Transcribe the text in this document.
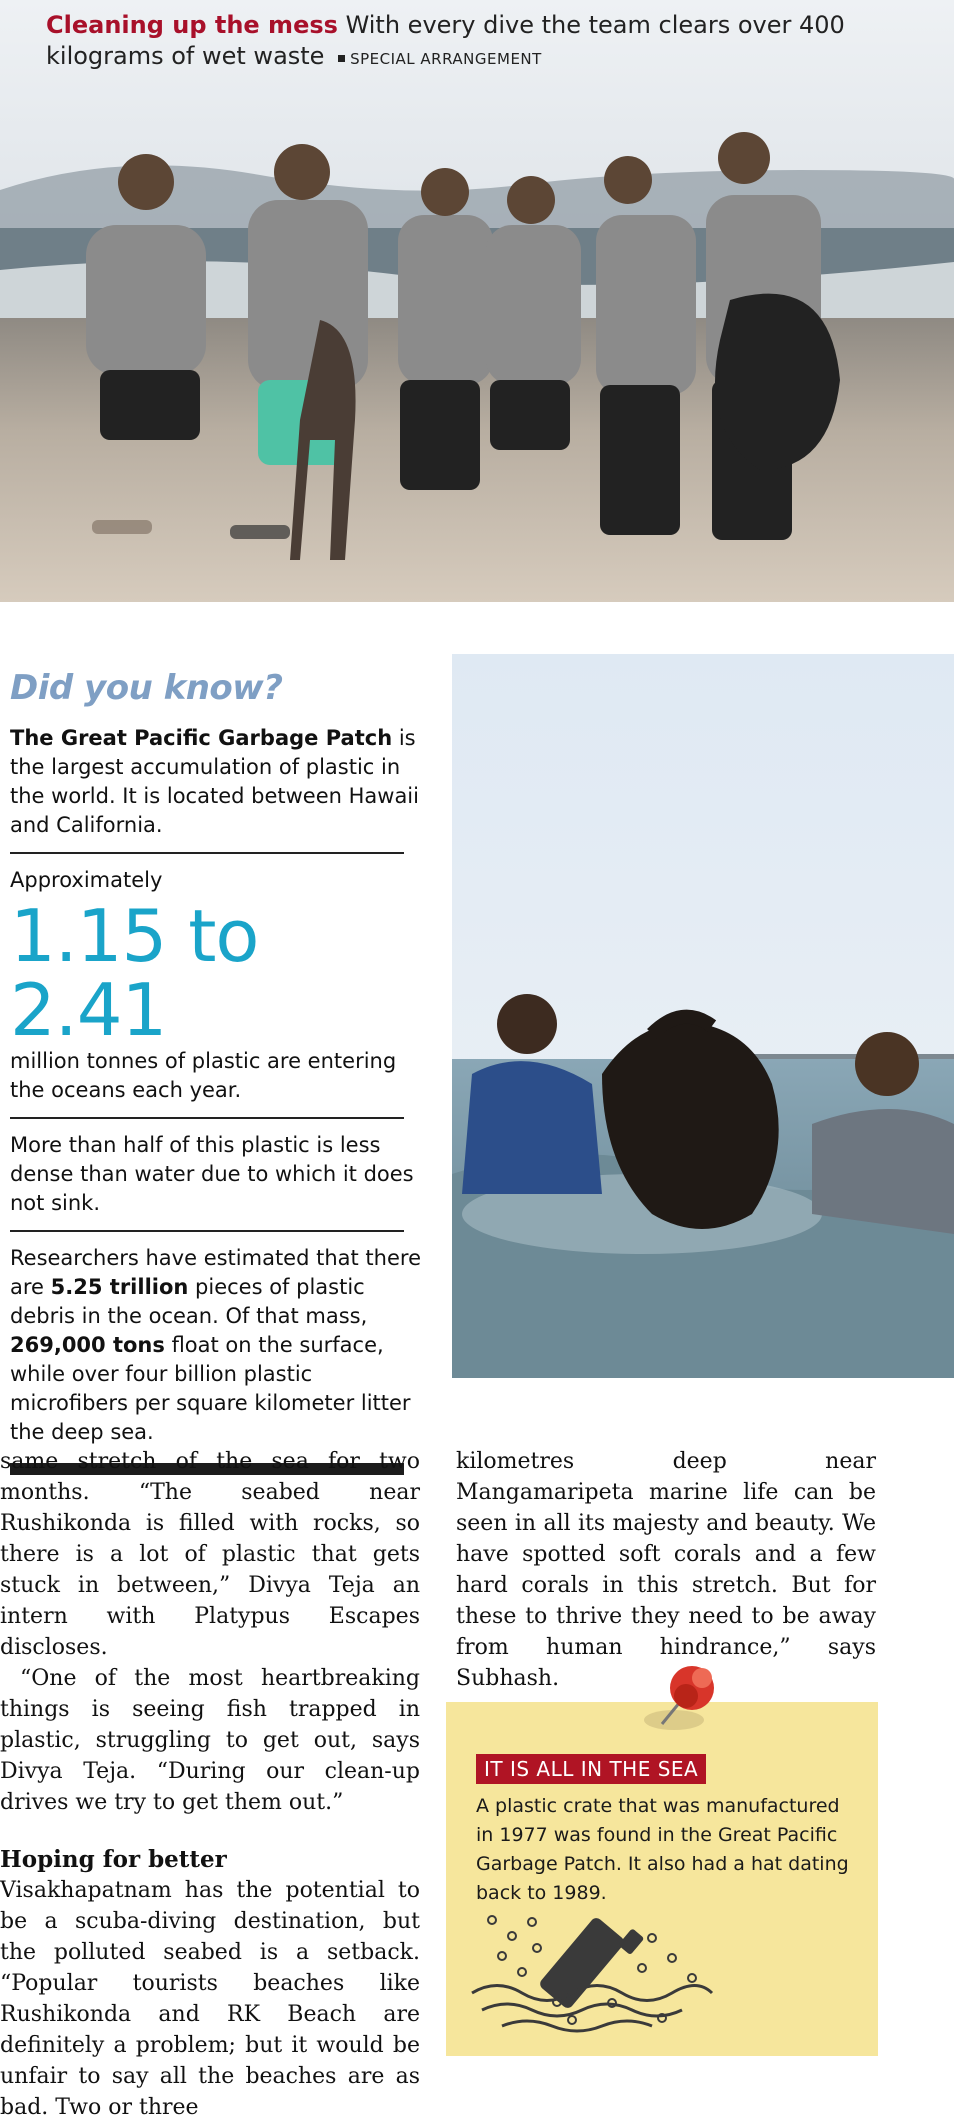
Cleaning up the mess With every dive the team clears over 400 kilograms of wet waste SPECIAL ARRANGEMENT
Did you know?

The Great Pacific Garbage Patch is the largest accumulation of plastic in the world. It is located between Hawaii and California.

Approximately

1.15 to 2.41

million tonnes of plastic are entering the oceans each year.

More than half of this plastic is less dense than water due to which it does not sink.

Researchers have estimated that there are 5.25 trillion pieces of plastic debris in the ocean. Of that mass, 269,000 tons float on the surface, while over four billion plastic microfibers per square kilometer litter the deep sea.

same stretch of the sea for two months. “The seabed near Rushikonda is filled with rocks, so there is a lot of plastic that gets stuck in between,” Divya Teja an intern with Platypus Escapes discloses.

“One of the most heartbreaking things is seeing fish trapped in plastic, struggling to get out, says Divya Teja. “During our clean-up drives we try to get them out.”

Hoping for better

Visakhapatnam has the potential to be a scuba-diving destination, but the polluted seabed is a setback. “Popular tourists beaches like Rushikonda and RK Beach are definitely a problem; but it would be unfair to say all the beaches are as bad. Two or three

kilometres deep near Mangamaripeta marine life can be seen in all its majesty and beauty. We have spotted soft corals and a few hard corals in this stretch. But for these to thrive they need to be away from human hindrance,” says Subhash.

IT IS ALL IN THE SEA
A plastic crate that was manufactured in 1977 was found in the Great Pacific Garbage Patch. It also had a hat dating back to 1989.
